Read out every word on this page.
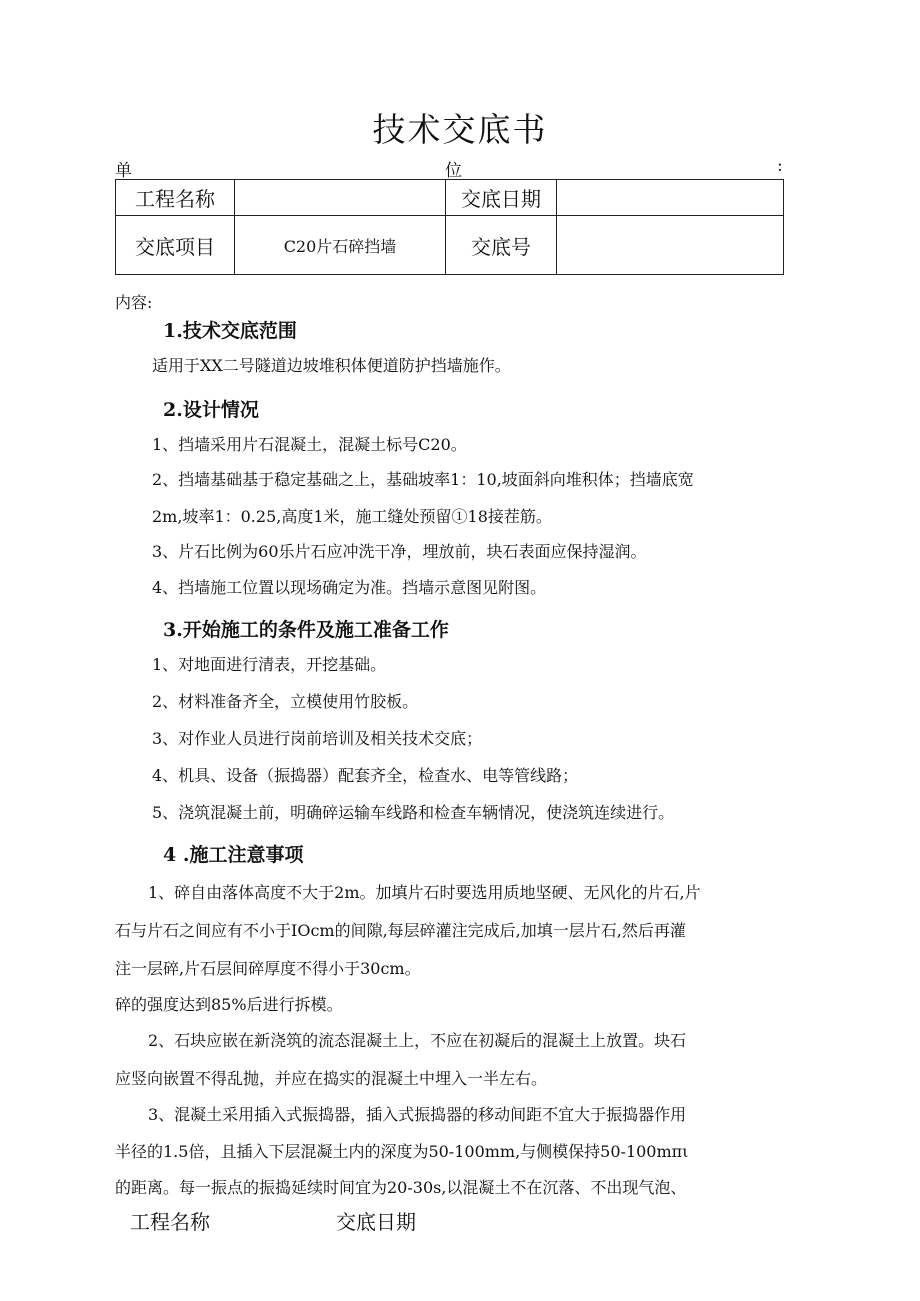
技术交底书
单	位	:
工程名称		交底日期	
交底项目	C20片石碎挡墙	交底号	
内容:
1.技术交底范围
适用于XX二号隧道边坡堆积体便道防护挡墙施作。
2.设计情况
1、挡墙采用片石混凝土，混凝土标号C20。
2、挡墙基础基于稳定基础之上，基础坡率1：10,坡面斜向堆积体；挡墙底宽
2m,坡率1：0.25,高度1米，施工缝处预留①18接茬筋。
3、片石比例为60乐片石应冲洗干净，埋放前，块石表面应保持湿润。
4、挡墙施工位置以现场确定为准。挡墙示意图见附图。
3.开始施工的条件及施工准备工作
1、对地面进行清表，开挖基础。
2、材料准备齐全，立模使用竹胶板。
3、对作业人员进行岗前培训及相关技术交底；
4、机具、设备（振捣器）配套齐全，检查水、电等管线路；
5、浇筑混凝土前，明确碎运输车线路和检查车辆情况，使浇筑连续进行。
4 .施工注意事项
1、碎自由落体高度不大于2m。加填片石时要选用质地坚硬、无风化的片石,片
石与片石之间应有不小于IOcm的间隙,每层碎灌注完成后,加填一层片石,然后再灌
注一层碎,片石层间碎厚度不得小于30cm。
碎的强度达到85%后进行拆模。
2、石块应嵌在新浇筑的流态混凝土上，不应在初凝后的混凝土上放置。块石
应竖向嵌置不得乱抛，并应在捣实的混凝土中埋入一半左右。
3、混凝土采用插入式振捣器，插入式振捣器的移动间距不宜大于振捣器作用
半径的1.5倍，且插入下层混凝土内的深度为50-100mm,与侧模保持50-100mπι
的距离。每一振点的振捣延续时间宜为20-30s,以混凝土不在沉落、不出现气泡、
工程名称	交底日期
